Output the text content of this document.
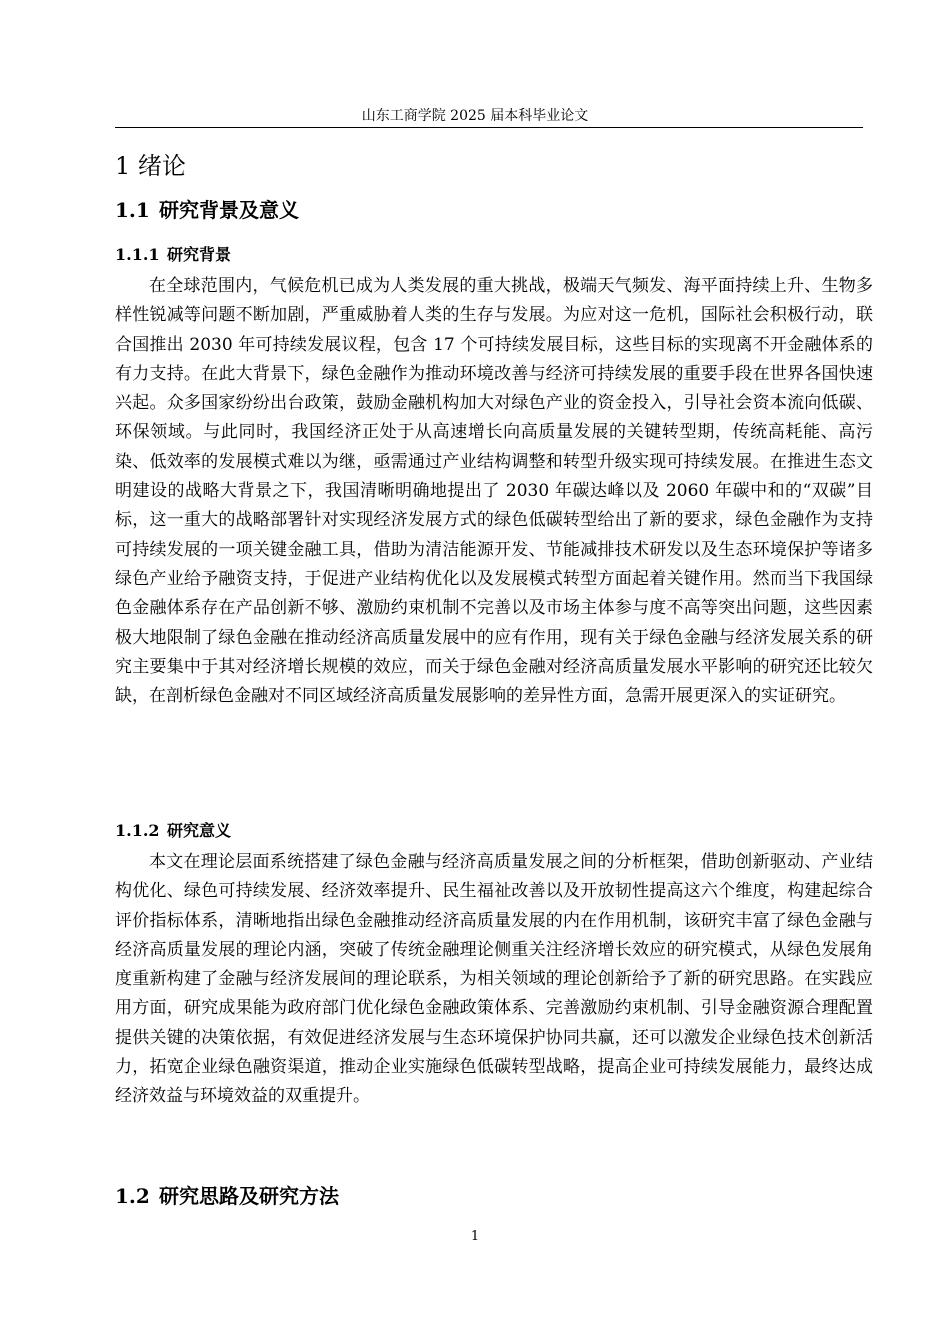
山东工商学院 2025 届本科毕业论文
1 绪论
1.1 研究背景及意义
1.1.1 研究背景

在全球范围内，气候危机已成为人类发展的重大挑战，极端天气频发、海平面持续上升、生物多样性锐减等问题不断加剧，严重威胁着人类的生存与发展。为应对这一危机，国际社会积极行动，联合国推出 2030 年可持续发展议程，包含 17 个可持续发展目标，这些目标的实现离不开金融体系的有力支持。在此大背景下，绿色金融作为推动环境改善与经济可持续发展的重要手段在世界各国快速兴起。众多国家纷纷出台政策，鼓励金融机构加大对绿色产业的资金投入，引导社会资本流向低碳、环保领域。与此同时，我国经济正处于从高速增长向高质量发展的关键转型期，传统高耗能、高污染、低效率的发展模式难以为继，亟需通过产业结构调整和转型升级实现可持续发展。在推进生态文明建设的战略大背景之下，我国清晰明确地提出了 2030 年碳达峰以及 2060 年碳中和的“双碳”目标，这一重大的战略部署针对实现经济发展方式的绿色低碳转型给出了新的要求，绿色金融作为支持可持续发展的一项关键金融工具，借助为清洁能源开发、节能减排技术研发以及生态环境保护等诸多绿色产业给予融资支持，于促进产业结构优化以及发展模式转型方面起着关键作用。然而当下我国绿色金融体系存在产品创新不够、激励约束机制不完善以及市场主体参与度不高等突出问题，这些因素极大地限制了绿色金融在推动经济高质量发展中的应有作用，现有关于绿色金融与经济发展关系的研究主要集中于其对经济增长规模的效应，而关于绿色金融对经济高质量发展水平影响的研究还比较欠缺，在剖析绿色金融对不同区域经济高质量发展影响的差异性方面，急需开展更深入的实证研究。

1.1.2 研究意义

本文在理论层面系统搭建了绿色金融与经济高质量发展之间的分析框架，借助创新驱动、产业结构优化、绿色可持续发展、经济效率提升、民生福祉改善以及开放韧性提高这六个维度，构建起综合评价指标体系，清晰地指出绿色金融推动经济高质量发展的内在作用机制，该研究丰富了绿色金融与经济高质量发展的理论内涵，突破了传统金融理论侧重关注经济增长效应的研究模式，从绿色发展角度重新构建了金融与经济发展间的理论联系，为相关领域的理论创新给予了新的研究思路。在实践应用方面，研究成果能为政府部门优化绿色金融政策体系、完善激励约束机制、引导金融资源合理配置提供关键的决策依据，有效促进经济发展与生态环境保护协同共赢，还可以激发企业绿色技术创新活力，拓宽企业绿色融资渠道，推动企业实施绿色低碳转型战略，提高企业可持续发展能力，最终达成经济效益与环境效益的双重提升。

1.2 研究思路及研究方法
1
